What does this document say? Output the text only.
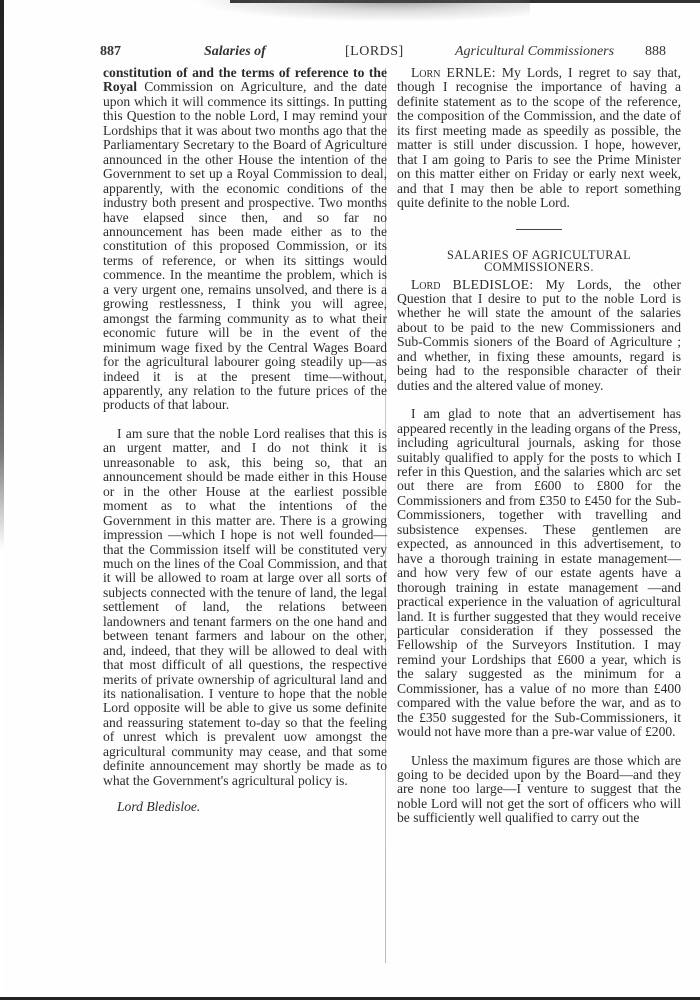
887	Salaries of	[LORDS]	Agricultural Commissioners 888

constitution of and the terms of reference to the Royal Commission on Agriculture, and the date upon which it will commence its sittings. In putting this Question to the noble Lord, I may remind your Lordships that it was about two months ago that the Parliamentary Secretary to the Board of Agriculture announced in the other House the intention of the Government to set up a Royal Commission to deal, apparently, with the economic conditions of the industry both present and prospective. Two months have elapsed since then, and so far no announcement has been made either as to the constitution of this proposed Commission, or its terms of reference, or when its sittings would commence. In the meantime the problem, which is a very urgent one, remains unsolved, and there is a growing restlessness, I think you will agree, amongst the farming community as to what their economic future will be in the event of the minimum wage fixed by the Central Wages Board for the agricultural labourer going steadily up—as indeed it is at the present time—without, apparently, any relation to the future prices of the products of that labour.

I am sure that the noble Lord realises that this is an urgent matter, and I do not think it is unreasonable to ask, this being so, that an announcement should be made either in this House or in the other House at the earliest possible moment as to what the intentions of the Government in this matter are. There is a growing impression —which I hope is not well founded—that the Commission itself will be constituted very much on the lines of the Coal Commission, and that it will be allowed to roam at large over all sorts of subjects connected with the tenure of land, the legal settlement of land, the relations between landowners and tenant farmers on the one hand and between tenant farmers and labour on the other, and, indeed, that they will be allowed to deal with that most difficult of all questions, the respective merits of private ownership of agricultural land and its nationalisation. I venture to hope that the noble Lord opposite will be able to give us some definite and reassuring statement to-day so that the feeling of unrest which is prevalent uow amongst the agricultural community may cease, and that some definite announcement may shortly be made as to what the Government's agricultural policy is.

Lord Bledisloe.

Lorn ERNLE: My Lords, I regret to say that, though I recognise the importance of having a definite statement as to the scope of the reference, the composition of the Commission, and the date of its first meeting made as speedily as possible, the matter is still under discussion. I hope, however, that I am going to Paris to see the Prime Minister on this matter either on Friday or early next week, and that I may then be able to report something quite definite to the noble Lord.

SALARIES OF AGRICULTURAL
COMMISSIONERS.

Lord BLEDISLOE: My Lords, the other Question that I desire to put to the noble Lord is whether he will state the amount of the salaries about to be paid to the new Commissioners and Sub-Commis sioners of the Board of Agriculture ; and whether, in fixing these amounts, regard is being had to the responsible character of their duties and the altered value of money.

I am glad to note that an advertisement has appeared recently in the leading organs of the Press, including agricultural journals, asking for those suitably qualified to apply for the posts to which I refer in this Question, and the salaries which arc set out there are from £600 to £800 for the Commissioners and from £350 to £450 for the Sub-Commissioners, together with travelling and subsistence expenses. These gentlemen are expected, as announced in this advertisement, to have a thorough training in estate management—and how very few of our estate agents have a thorough training in estate management —and practical experience in the valuation of agricultural land. It is further suggested that they would receive particular consideration if they possessed the Fellowship of the Surveyors Institution. I may remind your Lordships that £600 a year, which is the salary suggested as the minimum for a Commissioner, has a value of no more than £400 compared with the value before the war, and as to the £350 suggested for the Sub-Commissioners, it would not have more than a pre-war value of £200.

Unless the maximum figures are those which are going to be decided upon by the Board—and they are none too large—I venture to suggest that the noble Lord will not get the sort of officers who will be sufficiently well qualified to carry out the
